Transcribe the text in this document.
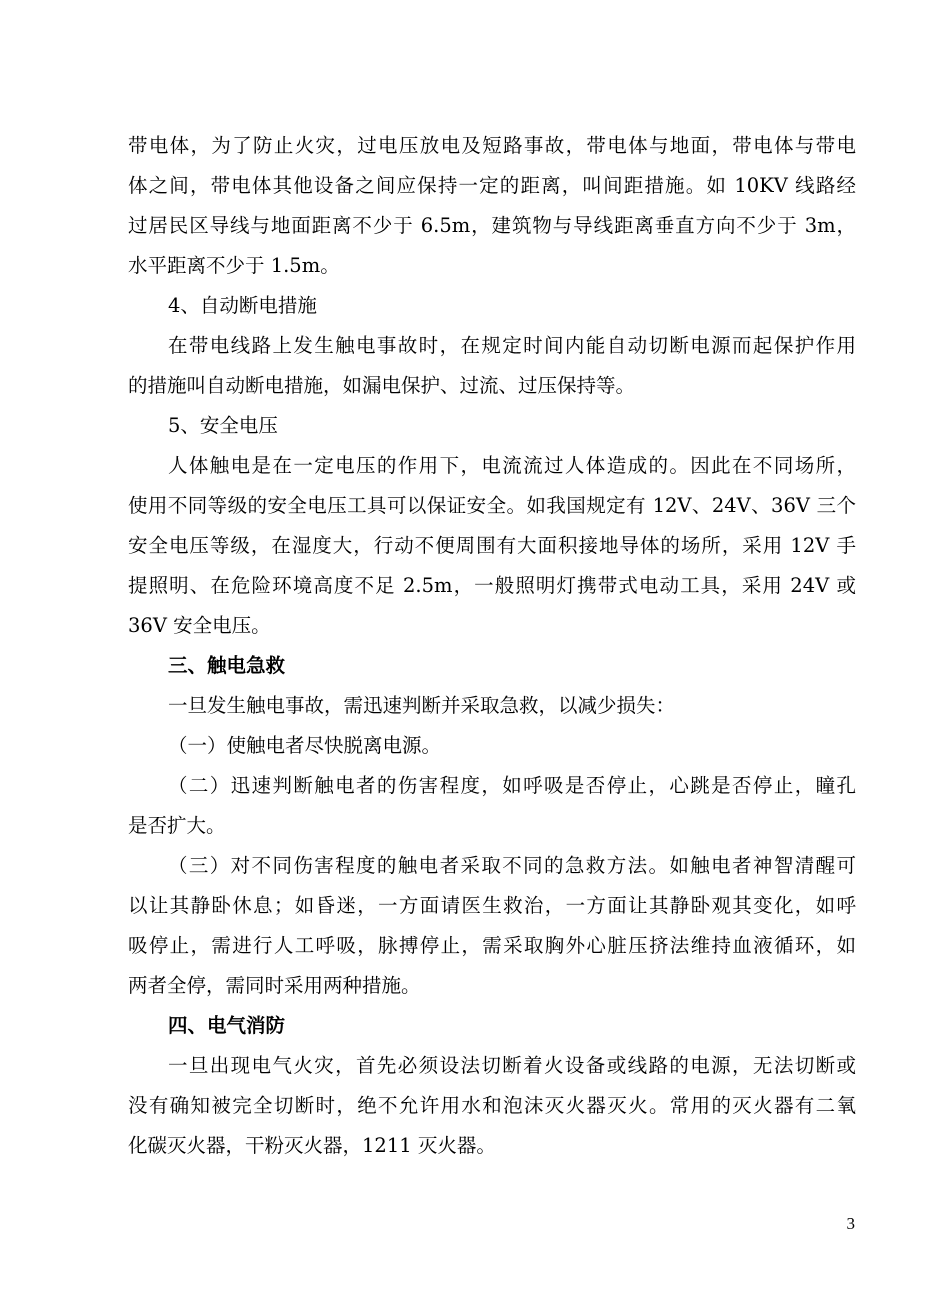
带电体，为了防止火灾，过电压放电及短路事故，带电体与地面，带电体与带电
体之间，带电体其他设备之间应保持一定的距离，叫间距措施。如 10KV 线路经
过居民区导线与地面距离不少于 6.5m，建筑物与导线距离垂直方向不少于 3m，
水平距离不少于 1.5m。
4、自动断电措施
在带电线路上发生触电事故时，在规定时间内能自动切断电源而起保护作用
的措施叫自动断电措施，如漏电保护、过流、过压保持等。
5、安全电压
人体触电是在一定电压的作用下，电流流过人体造成的。因此在不同场所，
使用不同等级的安全电压工具可以保证安全。如我国规定有 12V、24V、36V 三个
安全电压等级，在湿度大，行动不便周围有大面积接地导体的场所，采用 12V 手
提照明、在危险环境高度不足 2.5m，一般照明灯携带式电动工具，采用 24V 或
36V 安全电压。
三、触电急救
一旦发生触电事故，需迅速判断并采取急救，以减少损失：
（一）使触电者尽快脱离电源。
（二）迅速判断触电者的伤害程度，如呼吸是否停止，心跳是否停止，瞳孔
是否扩大。
（三）对不同伤害程度的触电者采取不同的急救方法。如触电者神智清醒可
以让其静卧休息；如昏迷，一方面请医生救治，一方面让其静卧观其变化，如呼
吸停止，需进行人工呼吸，脉搏停止，需采取胸外心脏压挤法维持血液循环，如
两者全停，需同时采用两种措施。
四、电气消防
一旦出现电气火灾，首先必须设法切断着火设备或线路的电源，无法切断或
没有确知被完全切断时，绝不允许用水和泡沫灭火器灭火。常用的灭火器有二氧
化碳灭火器，干粉灭火器，1211 灭火器。
3
